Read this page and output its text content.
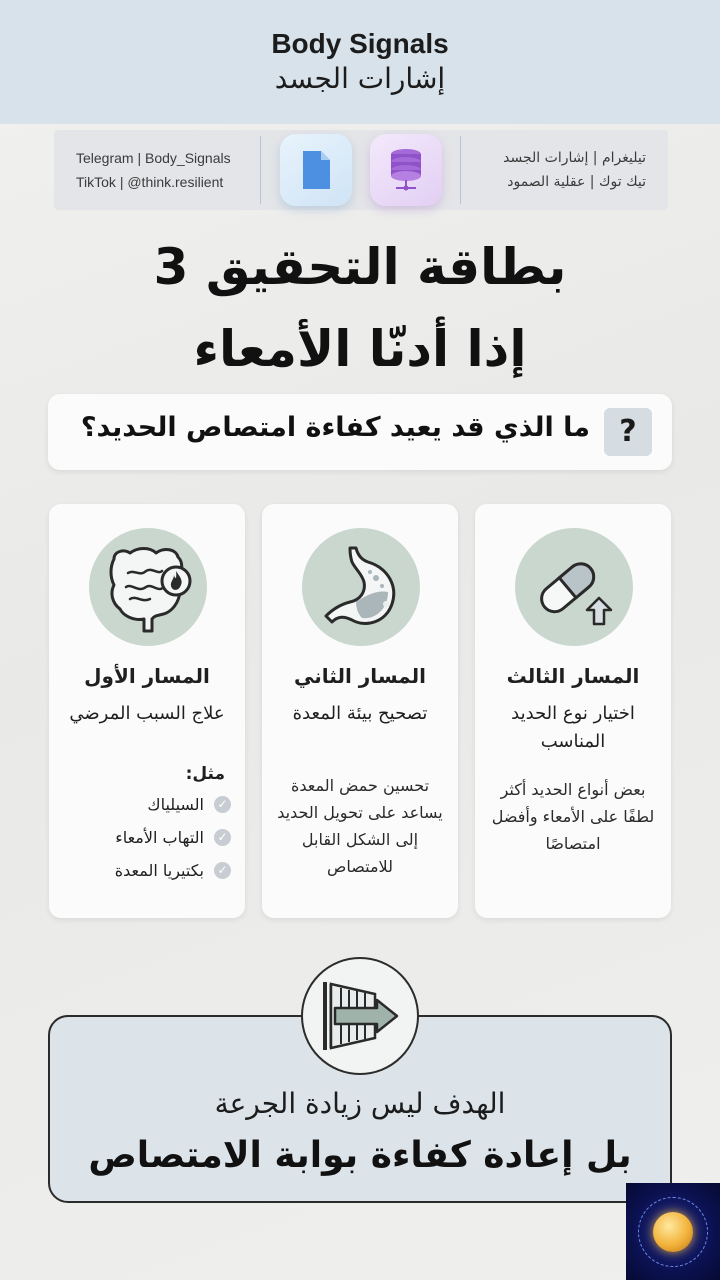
Body Signals
إشارات الجسد
Telegram | Body_Signals
TikTok | @think.resilient
تيليغرام | إشارات الجسد
تيك توك | عقلية الصمود
بطاقة التحقيق 3
إذا أدنّا الأمعاء
?
ما الذي قد يعيد كفاءة امتصاص الحديد؟
المسار الثالث
اختيار نوع الحديد المناسب
بعض أنواع الحديد أكثر لطفًا على الأمعاء وأفضل امتصاصًا
المسار الثاني
تصحيح بيئة المعدة
تحسين حمض المعدة يساعد على تحويل الحديد إلى الشكل القابل للامتصاص
المسار الأول
علاج السبب المرضي
مثل:
✓
السيلياك
✓
التهاب الأمعاء
✓
بكتيريا المعدة
الهدف ليس زيادة الجرعة
بل إعادة كفاءة بوابة الامتصاص
